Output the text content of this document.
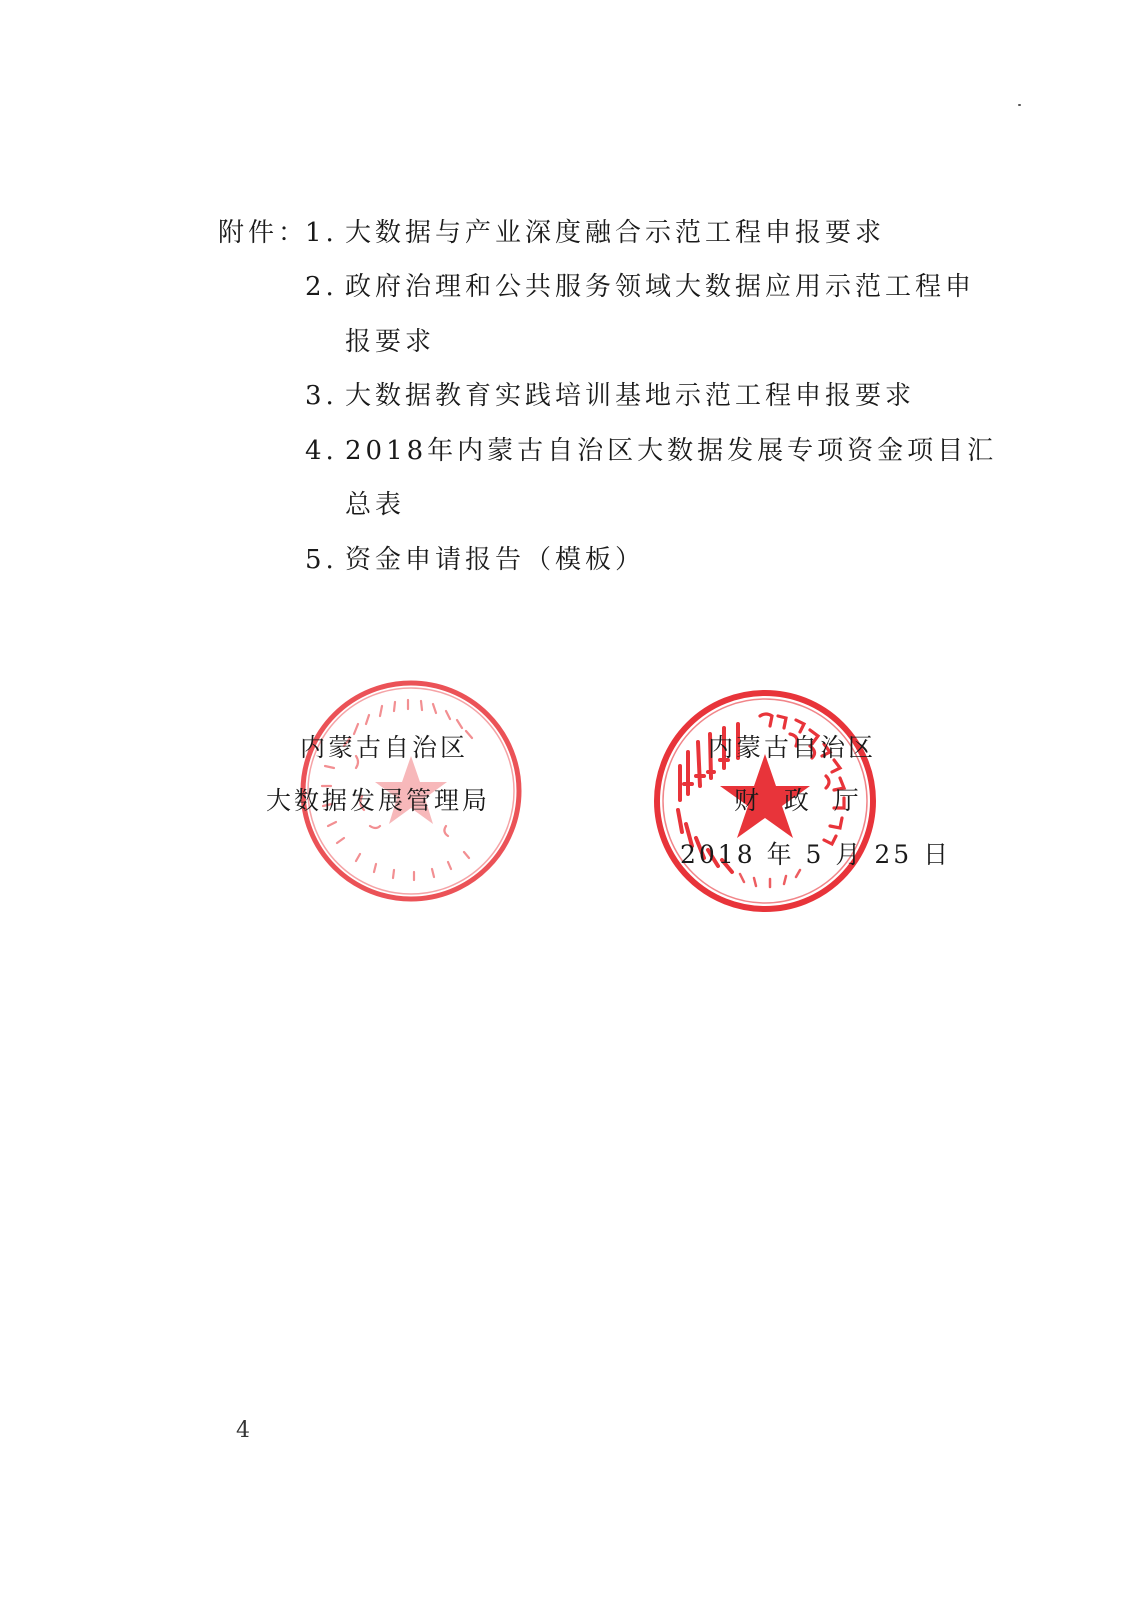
附件：
1. 大数据与产业深度融合示范工程申报要求
2. 政府治理和公共服务领域大数据应用示范工程申
报要求
3. 大数据教育实践培训基地示范工程申报要求
4. 2018年内蒙古自治区大数据发展专项资金项目汇
总表
5. 资金申请报告（模板）
内蒙古自治区
大数据发展管理局
内蒙古自治区
财  政  厅
2018 年 5 月 25 日
4
